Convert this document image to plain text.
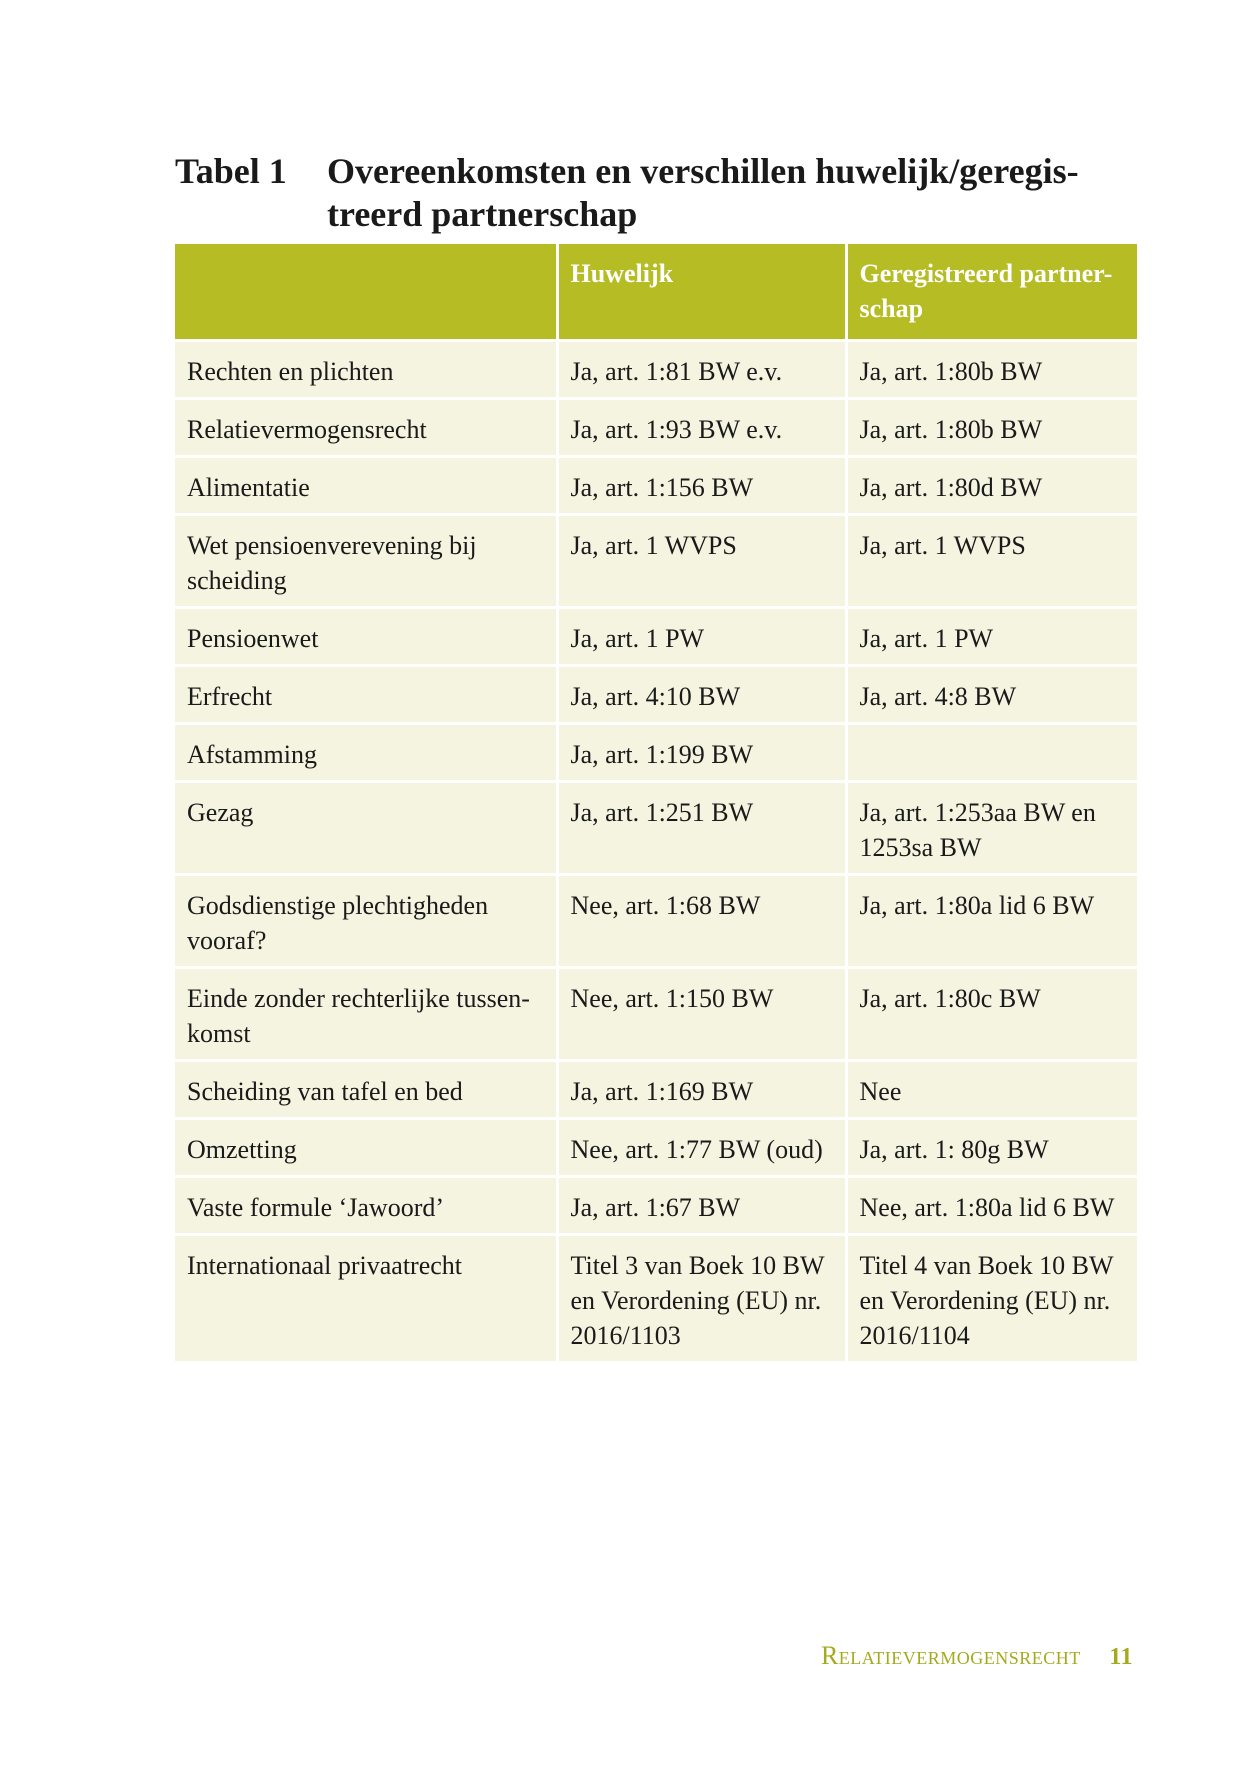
Tabel 1	Overeenkomsten en verschillen huwelijk/geregis-treerd partnerschap
	Huwelijk	Geregistreerd partner-schap
Rechten en plichten	Ja, art. 1:81 BW e.v.	Ja, art. 1:80b BW
Relatievermogensrecht	Ja, art. 1:93 BW e.v.	Ja, art. 1:80b BW
Alimentatie	Ja, art. 1:156 BW	Ja, art. 1:80d BW
Wet pensioenverevening bij scheiding	Ja, art. 1 WVPS	Ja, art. 1 WVPS
Pensioenwet	Ja, art. 1 PW	Ja, art. 1 PW
Erfrecht	Ja, art. 4:10 BW	Ja, art. 4:8 BW
Afstamming	Ja, art. 1:199 BW	
Gezag	Ja, art. 1:251 BW	Ja, art. 1:253aa BW en 1253sa BW
Godsdienstige plechtigheden vooraf?	Nee, art. 1:68 BW	Ja, art. 1:80a lid 6 BW
Einde zonder rechterlijke tussen-komst	Nee, art. 1:150 BW	Ja, art. 1:80c BW
Scheiding van tafel en bed	Ja, art. 1:169 BW	Nee
Omzetting	Nee, art. 1:77 BW (oud)	Ja, art. 1: 80g BW
Vaste formule ‘Jawoord’	Ja, art. 1:67 BW	Nee, art. 1:80a lid 6 BW
Internationaal privaatrecht	Titel 3 van Boek 10 BW en Verordening (EU) nr. 2016/1103	Titel 4 van Boek 10 BW en Verordening (EU) nr. 2016/1104
Relatievermogensrecht 11
